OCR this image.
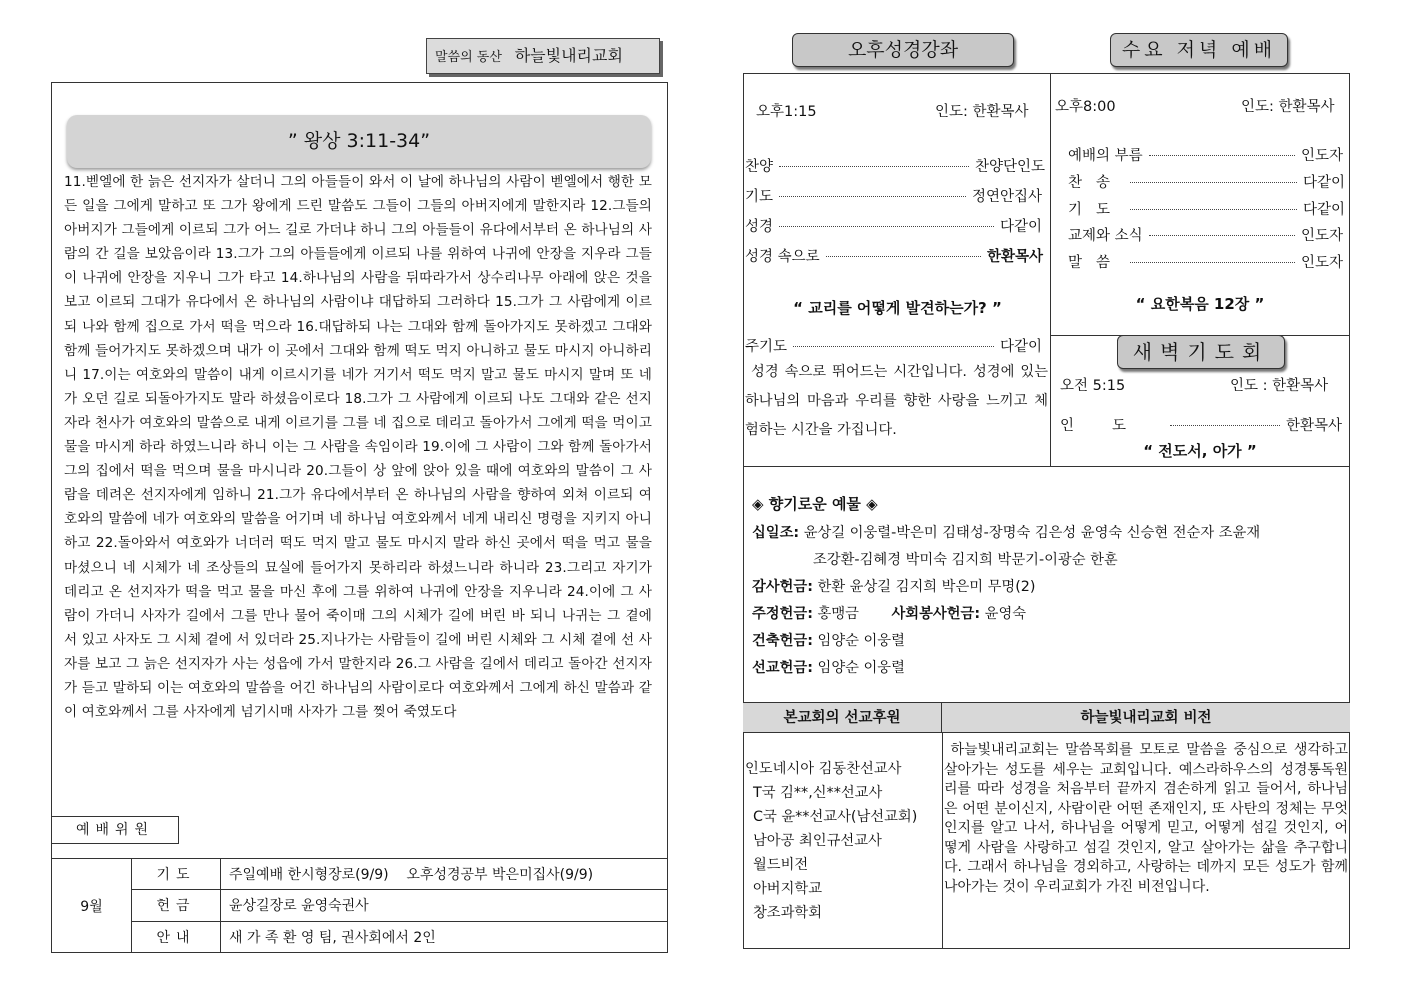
말씀의 동산 하늘빛내리교회
” 왕상 3:11-34”
11.벧엘에 한 늙은 선지자가 살더니 그의 아들들이 와서 이 날에 하나님의 사람이 벧엘에서 행한 모든 일을 그에게 말하고 또 그가 왕에게 드린 말씀도 그들이 그들의 아버지에게 말한지라 12.그들의 아버지가 그들에게 이르되 그가 어느 길로 가더냐 하니 그의 아들들이 유다에서부터 온 하나님의 사람의 간 길을 보았음이라 13.그가 그의 아들들에게 이르되 나를 위하여 나귀에 안장을 지우라 그들이 나귀에 안장을 지우니 그가 타고 14.하나님의 사람을 뒤따라가서 상수리나무 아래에 앉은 것을 보고 이르되 그대가 유다에서 온 하나님의 사람이냐 대답하되 그러하다 15.그가 그 사람에게 이르되 나와 함께 집으로 가서 떡을 먹으라 16.대답하되 나는 그대와 함께 돌아가지도 못하겠고 그대와 함께 들어가지도 못하겠으며 내가 이 곳에서 그대와 함께 떡도 먹지 아니하고 물도 마시지 아니하리니 17.이는 여호와의 말씀이 내게 이르시기를 네가 거기서 떡도 먹지 말고 물도 마시지 말며 또 네가 오던 길로 되돌아가지도 말라 하셨음이로다 18.그가 그 사람에게 이르되 나도 그대와 같은 선지자라 천사가 여호와의 말씀으로 내게 이르기를 그를 네 집으로 데리고 돌아가서 그에게 떡을 먹이고 물을 마시게 하라 하였느니라 하니 이는 그 사람을 속임이라 19.이에 그 사람이 그와 함께 돌아가서 그의 집에서 떡을 먹으며 물을 마시니라 20.그들이 상 앞에 앉아 있을 때에 여호와의 말씀이 그 사람을 데려온 선지자에게 임하니 21.그가 유다에서부터 온 하나님의 사람을 향하여 외쳐 이르되 여호와의 말씀에 네가 여호와의 말씀을 어기며 네 하나님 여호와께서 네게 내리신 명령을 지키지 아니하고 22.돌아와서 여호와가 너더러 떡도 먹지 말고 물도 마시지 말라 하신 곳에서 떡을 먹고 물을 마셨으니 네 시체가 네 조상들의 묘실에 들어가지 못하리라 하셨느니라 하니라 23.그리고 자기가 데리고 온 선지자가 떡을 먹고 물을 마신 후에 그를 위하여 나귀에 안장을 지우니라 24.이에 그 사람이 가더니 사자가 길에서 그를 만나 물어 죽이매 그의 시체가 길에 버린 바 되니 나귀는 그 곁에 서 있고 사자도 그 시체 곁에 서 있더라 25.지나가는 사람들이 길에 버린 시체와 그 시체 곁에 선 사자를 보고 그 늙은 선지자가 사는 성읍에 가서 말한지라 26.그 사람을 길에서 데리고 돌아간 선지자가 듣고 말하되 이는 여호와의 말씀을 어긴 하나님의 사람이로다 여호와께서 그에게 하신 말씀과 같이 여호와께서 그를 사자에게 넘기시매 사자가 그를 찢어 죽였도다
예배위원
9월	기도	주일예배 한시형장로(9/9)    오후성경공부 박은미집사(9/9)
	헌금	윤상길장로 윤영숙권사
	안내	새 가 족 환 영 팀, 권사회에서 2인
오후성경강좌	수요 저녁 예배
오후1:15	인도: 한환목사
찬양	찬양단인도
기도	정연안집사
성경	다같이
성경 속으로	한환목사
“ 교리를 어떻게 발견하는가? ”
주기도	다같이
성경 속으로 뛰어드는 시간입니다. 성경에 있는 하나님의 마음과 우리를 향한 사랑을 느끼고 체험하는 시간을 가집니다.
오후8:00	인도: 한환목사
예배의 부름	인도자
찬송	다같이
기도	다같이
교제와 소식	인도자
말씀	인도자
“ 요한복음 12장 ”
새벽기도회
오전 5:15	인도 : 한환목사
인도	한환목사
“ 전도서, 아가 ”
◈ 향기로운 예물 ◈
십일조: 윤상길 이웅렬-박은미 김태성-장명숙 김은성 윤영숙 신승현 전순자 조윤재
조강환-김혜경 박미숙 김지희 박문기-이광순 한훈
감사헌금: 한환 윤상길 김지희 박은미 무명(2)
주정헌금: 홍맹금 사회봉사헌금: 윤영숙
건축헌금: 임양순 이웅렬
선교헌금: 임양순 이웅렬
본교회의 선교후원	하늘빛내리교회 비전
인도네시아 김동찬선교사
T국 김**,신**선교사
C국 윤**선교사(남선교회)
남아공 최인규선교사
월드비전
아버지학교
창조과학회
하늘빛내리교회는 말씀목회를 모토로 말씀을 중심으로 생각하고 살아가는 성도를 세우는 교회입니다. 예스라하우스의 성경통독원리를 따라 성경을 처음부터 끝까지 겸손하게 읽고 들어서, 하나님은 어떤 분이신지, 사람이란 어떤 존재인지, 또 사탄의 정체는 무엇인지를 알고 나서, 하나님을 어떻게 믿고, 어떻게 섬길 것인지, 어떻게 사람을 사랑하고 섬길 것인지, 알고 살아가는 삶을 추구합니다. 그래서 하나님을 경외하고, 사랑하는 데까지 모든 성도가 함께 나아가는 것이 우리교회가 가진 비전입니다.
